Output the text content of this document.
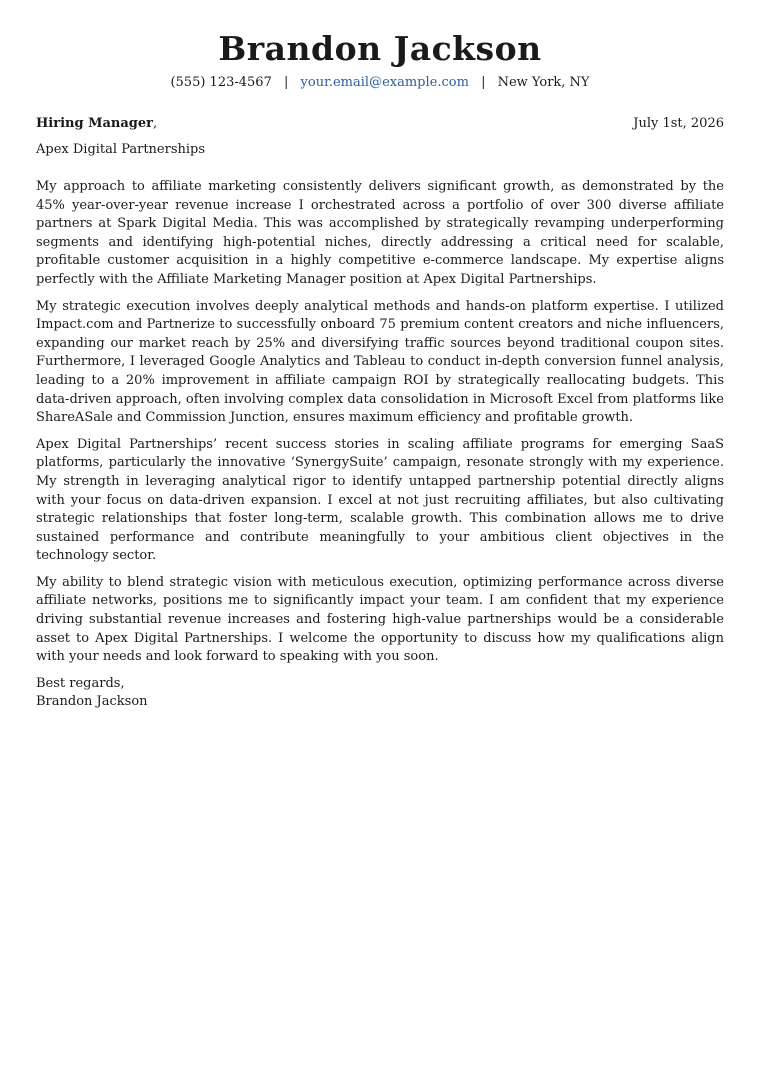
Brandon Jackson
(555) 123-4567 | your.email@example.com | New York, NY
Hiring Manager,	July 1st, 2026
Apex Digital Partnerships

My approach to affiliate marketing consistently delivers significant growth, as demonstrated by the 45% year-over-year revenue increase I orchestrated across a portfolio of over 300 diverse affiliate partners at Spark Digital Media. This was accomplished by strategically revamping underperforming segments and identifying high-potential niches, directly addressing a critical need for scalable, profitable customer acquisition in a highly competitive e-commerce landscape. My expertise aligns perfectly with the Affiliate Marketing Manager position at Apex Digital Partnerships.

My strategic execution involves deeply analytical methods and hands-on platform expertise. I utilized Impact.com and Partnerize to successfully onboard 75 premium content creators and niche influencers, expanding our market reach by 25% and diversifying traffic sources beyond traditional coupon sites. Furthermore, I leveraged Google Analytics and Tableau to conduct in-depth conversion funnel analysis, leading to a 20% improvement in affiliate campaign ROI by strategically reallocating budgets. This data-driven approach, often involving complex data consolidation in Microsoft Excel from platforms like ShareASale and Commission Junction, ensures maximum efficiency and profitable growth.

Apex Digital Partnerships’ recent success stories in scaling affiliate programs for emerging SaaS platforms, particularly the innovative ‘SynergySuite’ campaign, resonate strongly with my experience. My strength in leveraging analytical rigor to identify untapped partnership potential directly aligns with your focus on data-driven expansion. I excel at not just recruiting affiliates, but also cultivating strategic relationships that foster long-term, scalable growth. This combination allows me to drive sustained performance and contribute meaningfully to your ambitious client objectives in the technology sector.

My ability to blend strategic vision with meticulous execution, optimizing performance across diverse affiliate networks, positions me to significantly impact your team. I am confident that my experience driving substantial revenue increases and fostering high-value partnerships would be a considerable asset to Apex Digital Partnerships. I welcome the opportunity to discuss how my qualifications align with your needs and look forward to speaking with you soon.

Best regards,
Brandon Jackson
